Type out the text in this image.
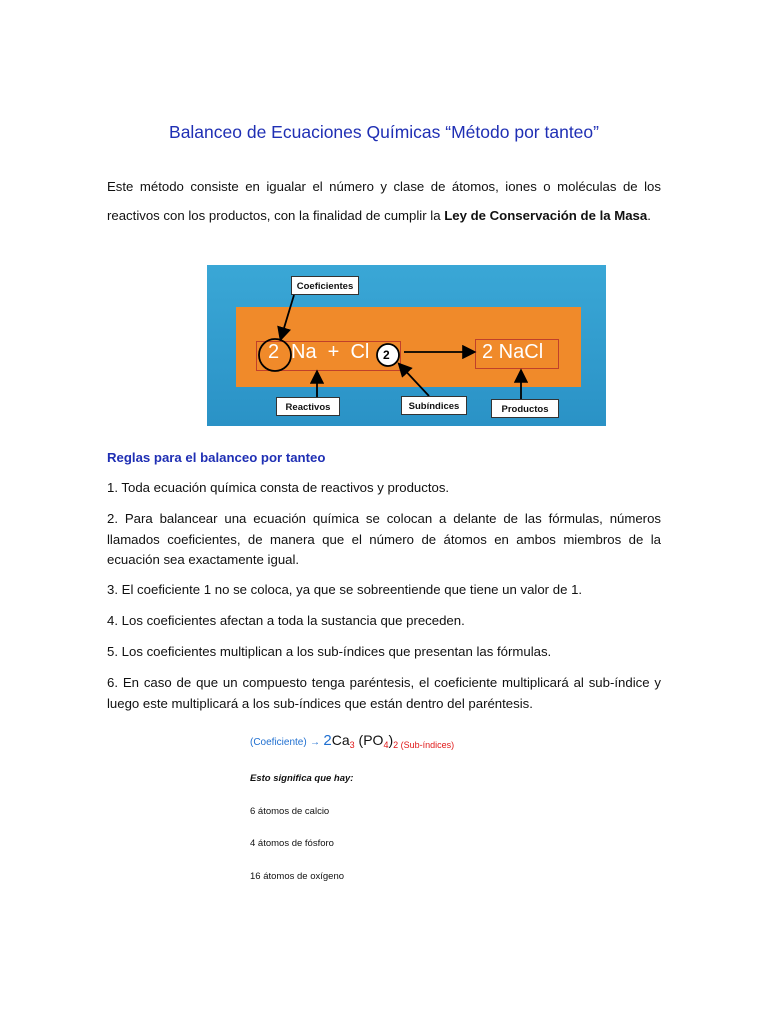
Balanceo de Ecuaciones Químicas “Método por tanteo”
Este método consiste en igualar el número y clase de átomos, iones o moléculas de los reactivos con los productos, con la finalidad de cumplir la Ley de Conservación de la Masa.
2 Na  +  Cl 2	2 NaCl
Coeficientes
Reactivos	Subíndices	Productos
Reglas para el balanceo por tanteo
1. Toda ecuación química consta de reactivos y productos.
2. Para balancear una ecuación química se colocan a delante de las fórmulas, números llamados coeficientes, de manera que el número de átomos en ambos miembros de la ecuación sea exactamente igual.
3. El coeficiente 1 no se coloca, ya que se sobreentiende que tiene un valor de 1.
4. Los coeficientes afectan a toda la sustancia que preceden.
5. Los coeficientes multiplican a los sub-índices que presentan las fórmulas.
6. En caso de que un compuesto tenga paréntesis, el coeficiente multiplicará al sub-índice y luego este multiplicará a los sub-índices que están dentro del paréntesis.
(Coeficiente) → $2Ca_3$ $(PO_4)_2$ $_{(Sub-índices)}$
Esto significa que hay:
6 átomos de calcio
4 átomos de fósforo
16 átomos de oxígeno
